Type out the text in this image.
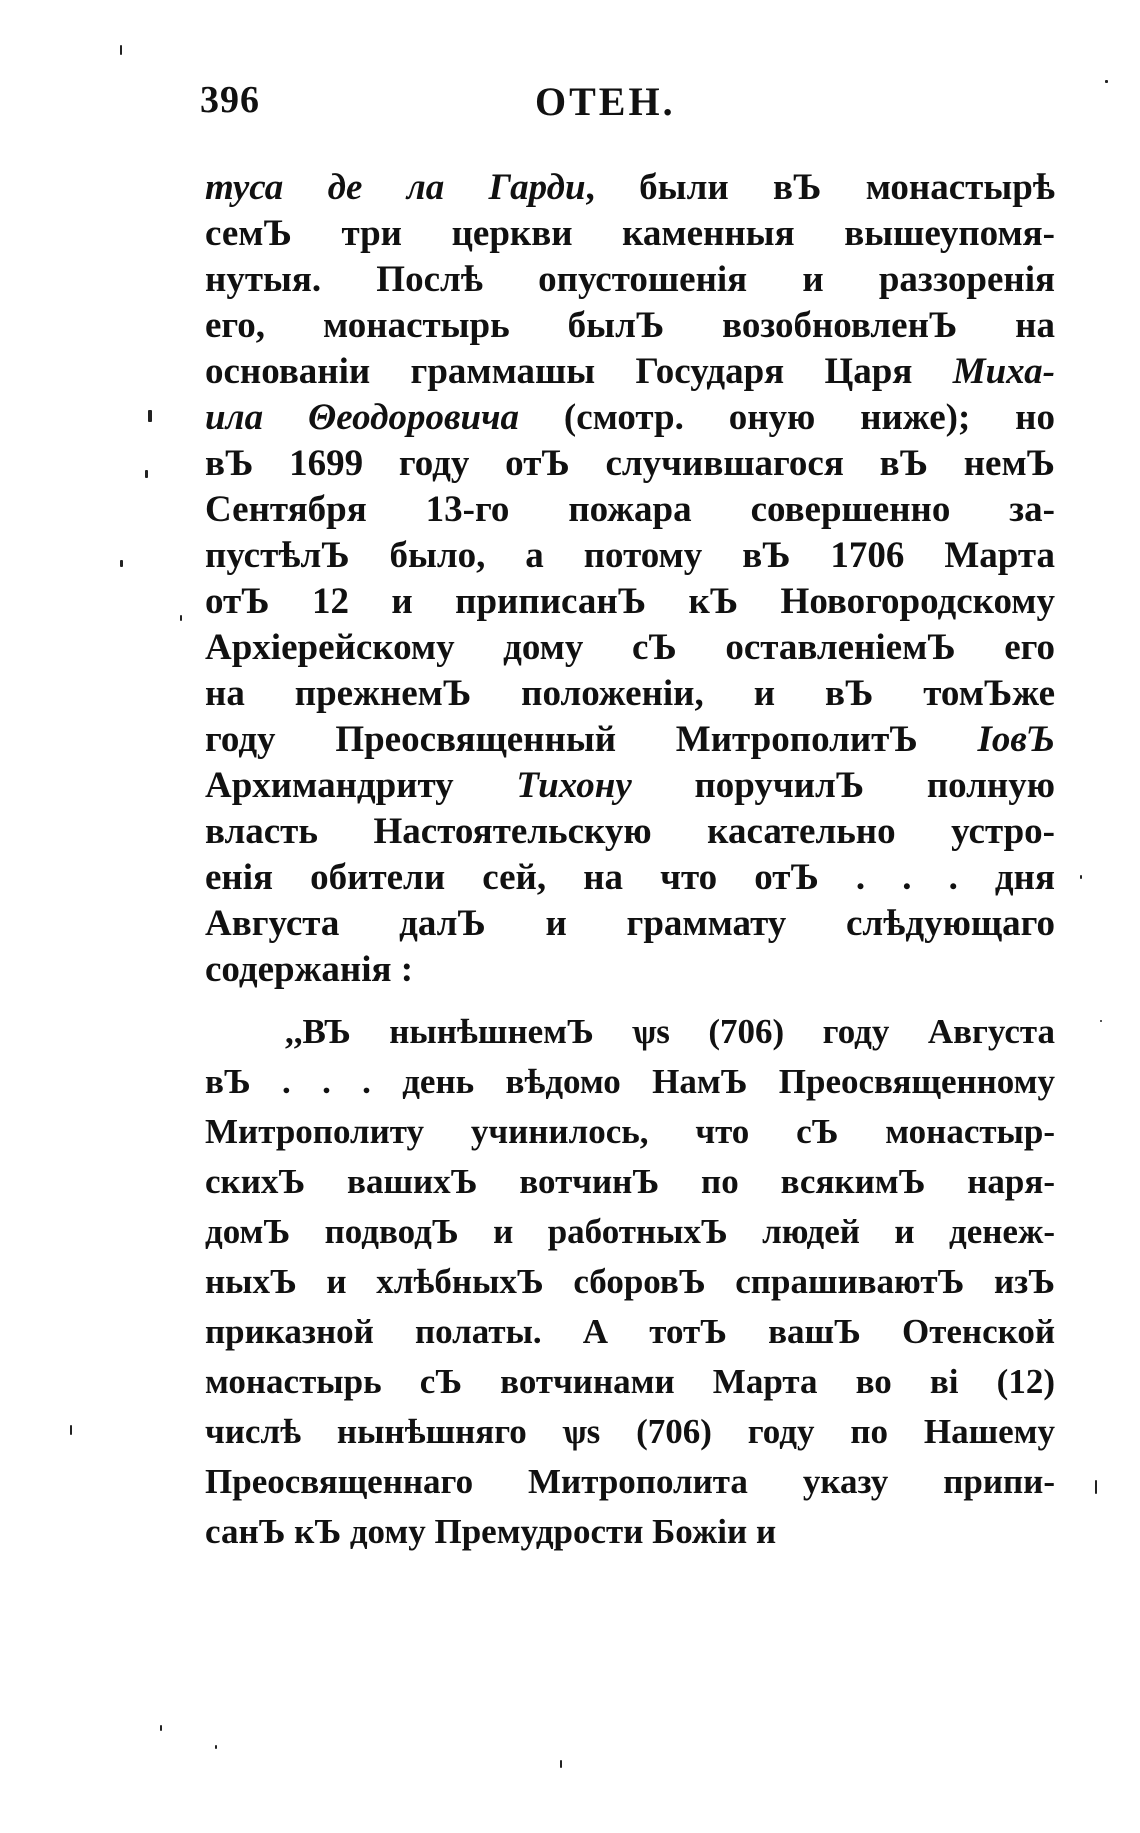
396	ОТЕН.
туса де ла Гарди, были вЪ монастырѣ
семЪ три церкви каменныя вышеупомя-
нутыя. Послѣ опустошенія и раззоренія
его, монастырь былЪ возобновленЪ на
основаніи граммашы Государя Царя Миха-
ила Θеодоровича (смотр. оную ниже); но
вЪ 1699 году отЪ случившагося вЪ немЪ
Сентября 13-го пожара совершенно за-
пустѣлЪ было, а потому вЪ 1706 Марта
отЪ 12 и приписанЪ кЪ Новогородскому
Архіерейскому дому сЪ оставленіемЪ его
на прежнемЪ положеніи, и вЪ томЪже
году Преосвященный МитрополитЪ ІовЪ
Архимандриту Тихону поручилЪ полную
власть Настоятельскую касательно устро-
енія обители сей, на что отЪ . . . дня
Августа далЪ и граммату слѣдующаго
содержанія :
,,ВЪ нынѣшнемЪ ѱѕ (706) году Августа
вЪ . . . день вѣдомо НамЪ Преосвященному
Митрополиту учинилось, что сЪ монастыр-
скихЪ вашихЪ вотчинЪ по всякимЪ наря-
домЪ подводЪ и работныхЪ людей и денеж-
ныхЪ и хлѣбныхЪ сборовЪ спрашиваютЪ изЪ
приказной полаты. А тотЪ вашЪ Отенской
монастырь сЪ вотчинами Марта во ві (12)
числѣ нынѣшняго ѱѕ (706) году по Нашему
Преосвященнаго Митрополита указу припи-
санЪ кЪ дому Премудрости Божіи и
